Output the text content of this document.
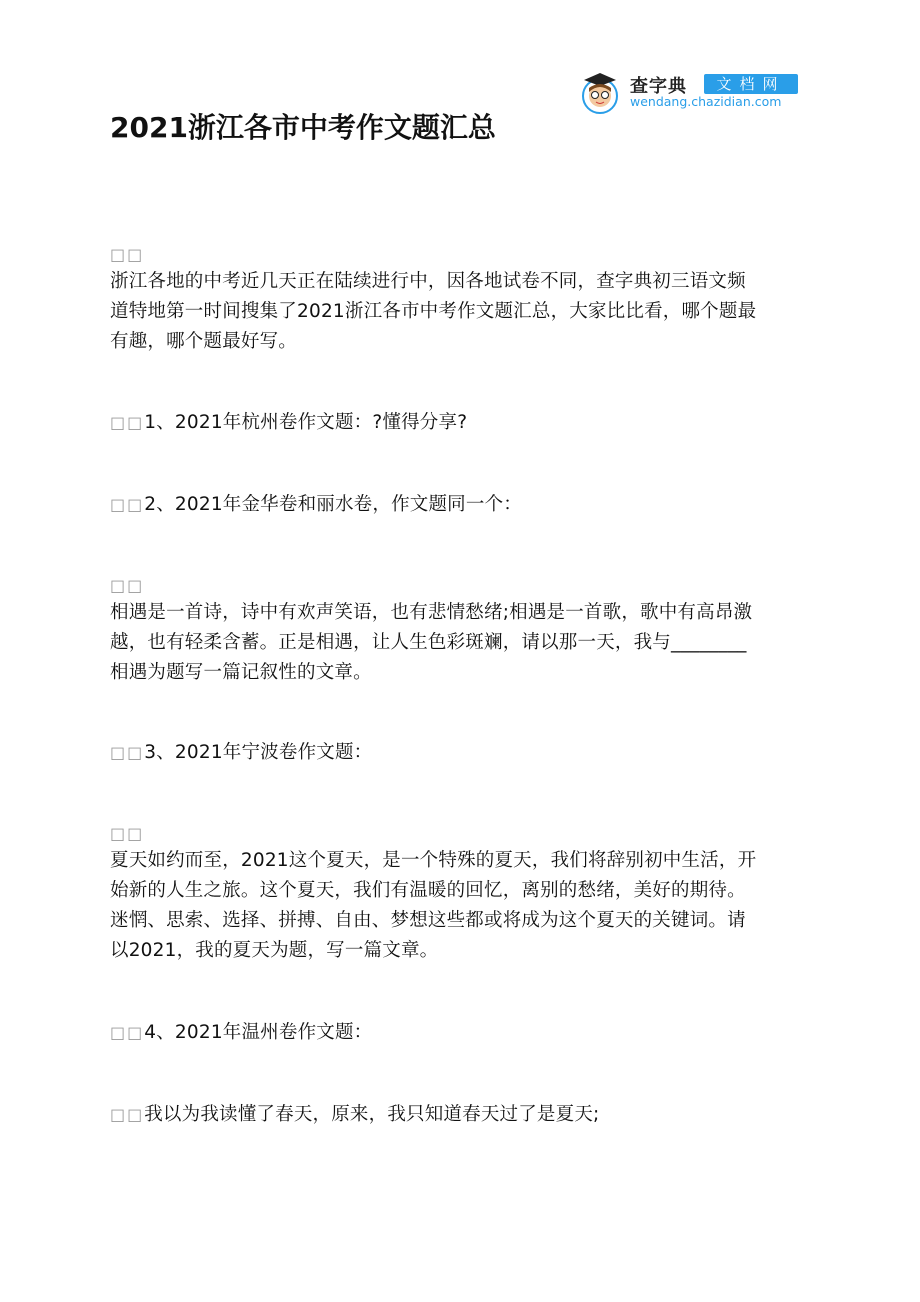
查字典	文档网
wendang.chazidian.com
2021浙江各市中考作文题汇总
□□
浙江各地的中考近几天正在陆续进行中，因各地试卷不同，查字典初三语文频
道特地第一时间搜集了2021浙江各市中考作文题汇总，大家比比看，哪个题最
有趣，哪个题最好写。
□□1、2021年杭州卷作文题：?懂得分享?
□□2、2021年金华卷和丽水卷，作文题同一个：
□□
相遇是一首诗，诗中有欢声笑语，也有悲情愁绪;相遇是一首歌，歌中有高昂激
越，也有轻柔含蓄。正是相遇，让人生色彩斑斓，请以那一天，我与________
相遇为题写一篇记叙性的文章。
□□3、2021年宁波卷作文题：
□□
夏天如约而至，2021这个夏天，是一个特殊的夏天，我们将辞别初中生活，开
始新的人生之旅。这个夏天，我们有温暖的回忆，离别的愁绪，美好的期待。
迷惘、思索、选择、拼搏、自由、梦想这些都或将成为这个夏天的关键词。请
以2021，我的夏天为题，写一篇文章。
□□4、2021年温州卷作文题：
□□我以为我读懂了春天，原来，我只知道春天过了是夏天;
